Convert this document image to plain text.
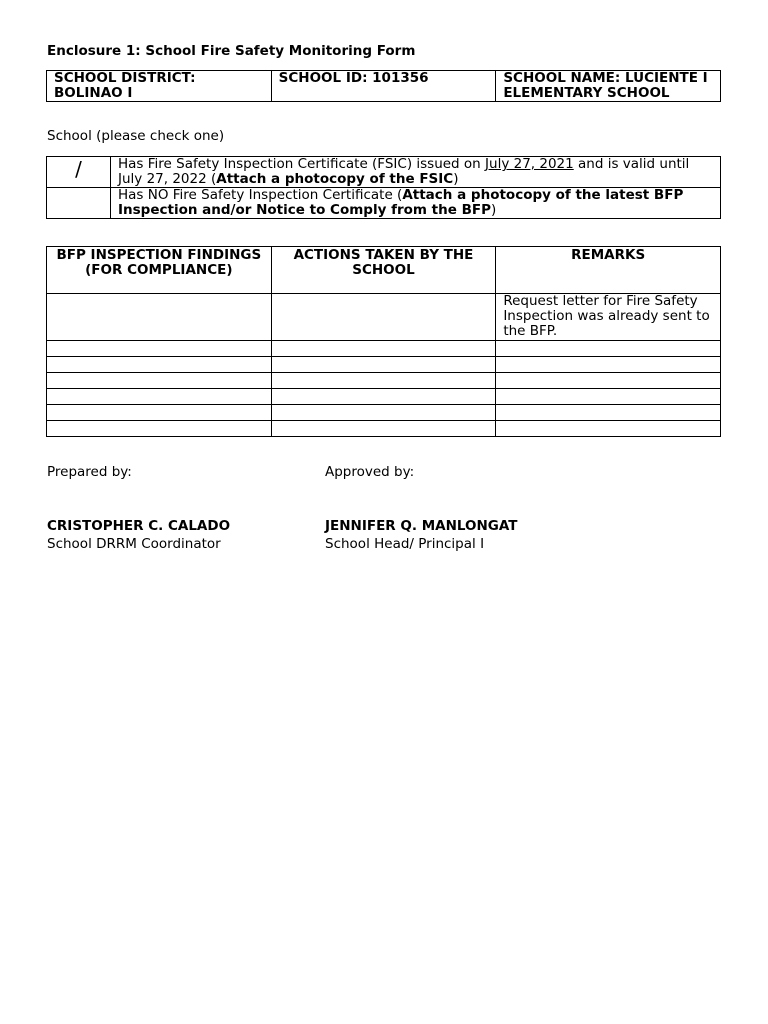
Enclosure 1: School Fire Safety Monitoring Form
SCHOOL DISTRICT: BOLINAO I	SCHOOL ID: 101356	SCHOOL NAME: LUCIENTE I ELEMENTARY SCHOOL
School (please check one)
/	Has Fire Safety Inspection Certificate (FSIC) issued on July 27, 2021 and is valid until July 27, 2022 (Attach a photocopy of the FSIC)
	Has NO Fire Safety Inspection Certificate (Attach a photocopy of the latest BFP Inspection and/or Notice to Comply from the BFP)
BFP INSPECTION FINDINGS (FOR COMPLIANCE)	ACTIONS TAKEN BY THE SCHOOL	REMARKS
		Request letter for Fire Safety Inspection was already sent to the BFP.

Prepared by:
CRISTOPHER C. CALADO
School DRRM Coordinator
Approved by:
JENNIFER Q. MANLONGAT
School Head/ Principal I
